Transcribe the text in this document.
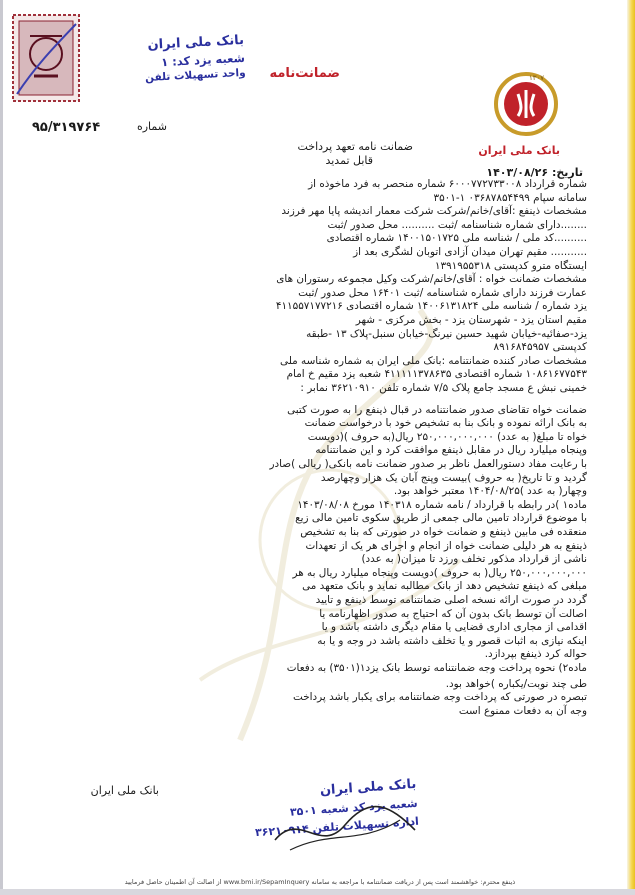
بانک ملی ایران
شعبه یزد کد: ۱
واحد تسهیلات تلفن ضمانت‌نامه	۱۳۰۷
بانک ملی ایران
شماره
۹۵/۳۱۹۷۶۴
ضمانت نامه تعهد پرداخت
قابل تمدید
تاریخ: ۱۴۰۳/۰۸/۲۶
شماره قرارداد ۶۰۰۰۷۷۲۷۳۳۰۰۸ شماره منحصر به فرد ماخوذه از
سامانه سپام ۰۳۶۸۷۸۵۴۴۹۹ ۱-۳۵۰۱
مشخصات ذینفع :آقای/خانم/شرکت شرکت معمار اندیشه پایا مهر فرزند
........دارای شماره شناسنامه /ثبت .......... محل صدور /ثبت
..........کد ملی / شناسه ملی ۱۴۰۰۱۵۰۱۷۲۵ شماره اقتصادی
........... مقیم تهران میدان آزادی اتوبان لشگری بعد از
ایستگاه مترو کدپستی ۱۳۹۱۹۵۵۳۱۸
مشخصات ضمانت خواه : آقای/خانم/شرکت وکیل مجموعه رستوران های
عمارت فرزند دارای شماره شناسنامه /ثبت ۱۶۴۰۱ محل صدور /ثبت
یزد شماره / شناسه ملی ۱۴۰۰۶۱۳۱۸۲۴ شماره اقتصادی ۴۱۱۵۵۷۱۷۷۲۱۶
مقیم استان یزد - شهرستان یزد - بخش مرکزی - شهر
یزد-صفائیه-خیابان شهید حسین نیرنگ-خیابان سنبل-پلاک ۱۳ -طبقه
کدپستی ۸۹۱۶۸۴۵۹۵۷
مشخصات صادر کننده ضمانتنامه :بانک ملی ایران به شماره شناسه ملی
۱۰۸۶۱۶۷۷۵۴۳ شماره اقتصادی ۴۱۱۱۱۱۳۷۸۶۳۵ شعبه یزد مقیم خ امام
خمینی نبش ع مسجد جامع پلاک ۷/۵ شماره تلفن ۳۶۲۱۰۹۱۰ نمابر :
ضمانت خواه تقاضای صدور ضمانتنامه در قبال ذینفع را به صورت کتبی
به بانک ارائه نموده و بانک بنا به تشخیص خود با درخواست ضمانت
خواه تا مبلغ( به عدد) ۲۵۰,۰۰۰,۰۰۰,۰۰۰ ریال(به حروف )(دویست
وپنجاه میلیارد ریال در مقابل ذینفع موافقت کرد و این ضمانتنامه
با رعایت مفاد دستورالعمل ناظر بر صدور ضمانت نامه بانکی( ریالی )صادر
گردید و تا تاریخ( به حروف )بیست وپنج آبان یک هزار وچهارصد
وچهار( به عدد )۱۴۰۴/۰۸/۲۵ معتبر خواهد بود.
ماده۱ )در رابطه با قرارداد / نامه شماره ۱۴۰۳۱۸ مورخ ۱۴۰۳/۰۸/۰۸
با موضوع قرارداد تامین مالی جمعی از طریق سکوی تامین مالی زیع
منعقده فی مابین ذینفع و ضمانت خواه در صورتی که بنا به تشخیص
ذینفع به هر دلیلی ضمانت خواه از انجام و اجرای هر یک از تعهدات
ناشی از قرارداد مذکور تخلف ورزد تا میزان( به عدد)
۲۵۰,۰۰۰,۰۰۰,۰۰۰ ریال( به حروف )دویست وپنجاه میلیارد ریال به هر
مبلغی که ذینفع تشخیص دهد از بانک مطالبه نماید و بانک متعهد می
گردد در صورت ارائه نسخه اصلی ضمانتنامه توسط ذینفع و تایید
اصالت آن توسط بانک بدون آن که احتیاج به صدور اظهارنامه یا
اقدامی از مجاری اداری قضایی یا مقام دیگری داشته باشد و یا
اینکه نیازی به اثبات قصور و یا تخلف داشته باشد در وجه و یا به
حواله کرد ذینفع بپردازد.
ماده۲) نحوه پرداخت وجه ضمانتنامه توسط بانک یزد۱(۳۵۰۱) به دفعات
طی چند نوبت/یکباره )خواهد بود.
تبصره در صورتی که پرداخت وجه ضمانتنامه برای یکبار باشد پرداخت
وجه آن به دفعات ممنوع است
بانک ملی ایران
شعبه یزد کد شعبه ۳۵۰۱
اداره تسهیلات تلفن ۳۶۲۱۰۹۱۴
بانک ملی ایران
ذینفع محترم: خواهشمند است پس از دریافت ضمانتنامه با مراجعه به سامانه www.bmi.ir/SepamInquery از اصالت آن اطمینان حاصل فرمایید
